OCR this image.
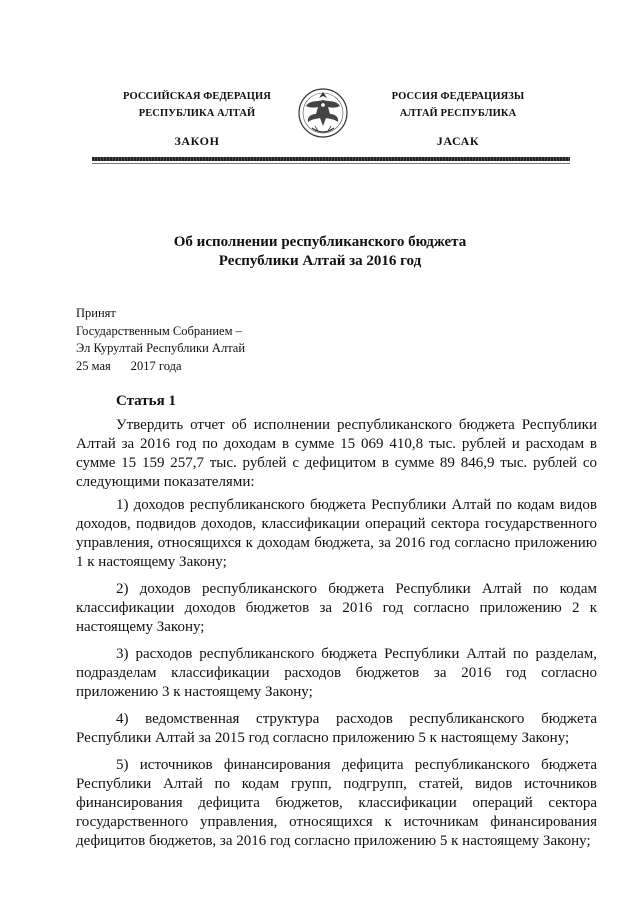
РОССИЙСКАЯ ФЕДЕРАЦИЯ
РЕСПУБЛИКА АЛТАЙ
ЗАКОН
РОССИЯ ФЕДЕРАЦИЯЗЫ
АЛТАЙ РЕСПУБЛИКА
JАСАК
Об исполнении республиканского бюджета
Республики Алтай за 2016 год
Принят
Государственным Собранием –
Эл Курултай Республики Алтай
25 мая 2017 года
Статья 1

Утвердить отчет об исполнении республиканского бюджета Республики Алтай за 2016 год по доходам в сумме 15 069 410,8 тыс. рублей и расходам в сумме 15 159 257,7 тыс. рублей с дефицитом в сумме 89 846,9 тыс. рублей со следующими показателями:

1) доходов республиканского бюджета Республики Алтай по кодам видов доходов, подвидов доходов, классификации операций сектора государственного управления, относящихся к доходам бюджета, за 2016 год согласно приложению 1 к настоящему Закону;

2) доходов республиканского бюджета Республики Алтай по кодам классификации доходов бюджетов за 2016 год согласно приложению 2 к настоящему Закону;

3) расходов республиканского бюджета Республики Алтай по разделам, подразделам классификации расходов бюджетов за 2016 год согласно приложению 3 к настоящему Закону;

4) ведомственная структура расходов республиканского бюджета Республики Алтай за 2015 год согласно приложению 5 к настоящему Закону;

5) источников финансирования дефицита республиканского бюджета Республики Алтай по кодам групп, подгрупп, статей, видов источников финансирования дефицита бюджетов, классификации операций сектора государственного управления, относящихся к источникам финансирования дефицитов бюджетов, за 2016 год согласно приложению 5 к настоящему Закону;
